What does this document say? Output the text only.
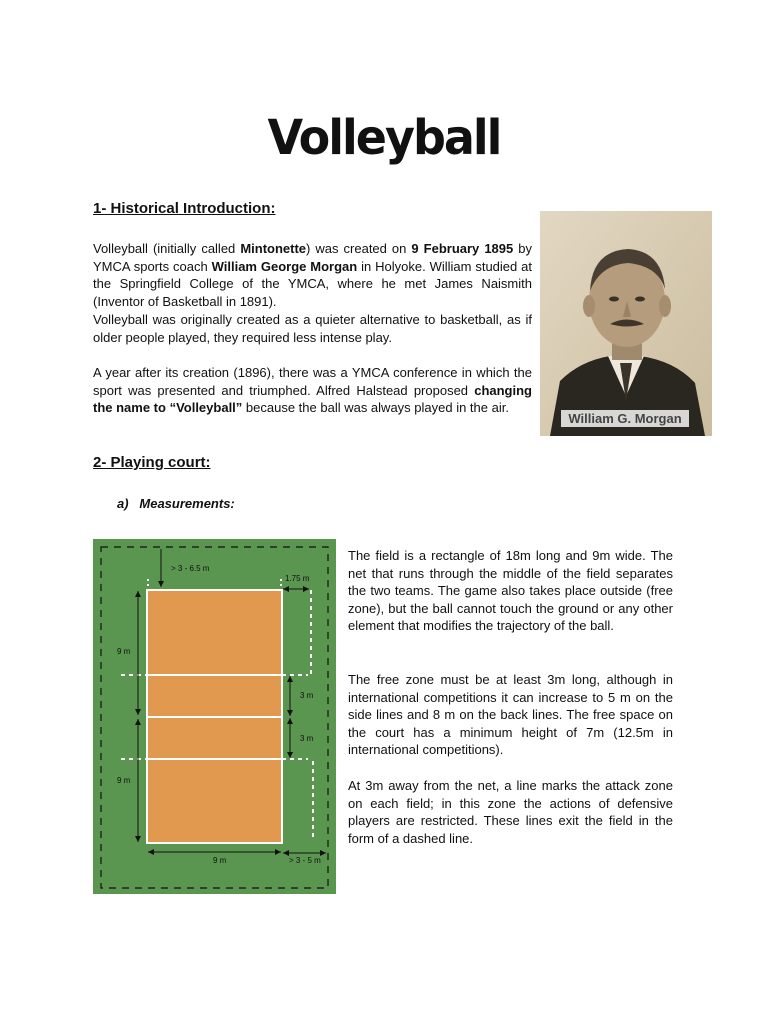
Volleyball
1- Historical Introduction:

Volleyball (initially called Mintonette) was created on 9 February 1895 by YMCA sports coach William George Morgan in Holyoke. William studied at the Springfield College of the YMCA, where he met James Naismith (Inventor of Basketball in 1891).

Volleyball was originally created as a quieter alternative to basketball, as if older people played, they required less intense play.

A year after its creation (1896), there was a YMCA conference in which the sport was presented and triumphed. Alfred Halstead proposed changing the name to “Volleyball” because the ball was always played in the air.

William G. Morgan
2- Playing court:
a)   Measurements:
> 3 - 6.5 m
1.75 m
9 m
9 m
3 m
3 m
9 m	> 3 - 5 m

The field is a rectangle of 18m long and 9m wide. The net that runs through the middle of the field separates the two teams. The game also takes place outside (free zone), but the ball cannot touch the ground or any other element that modifies the trajectory of the ball.

The free zone must be at least 3m long, although in international competitions it can increase to 5 m on the side lines and 8 m on the back lines. The free space on the court has a minimum height of 7m (12.5m in international competitions).

At 3m away from the net, a line marks the attack zone on each field; in this zone the actions of defensive players are restricted. These lines exit the field in the form of a dashed line.
